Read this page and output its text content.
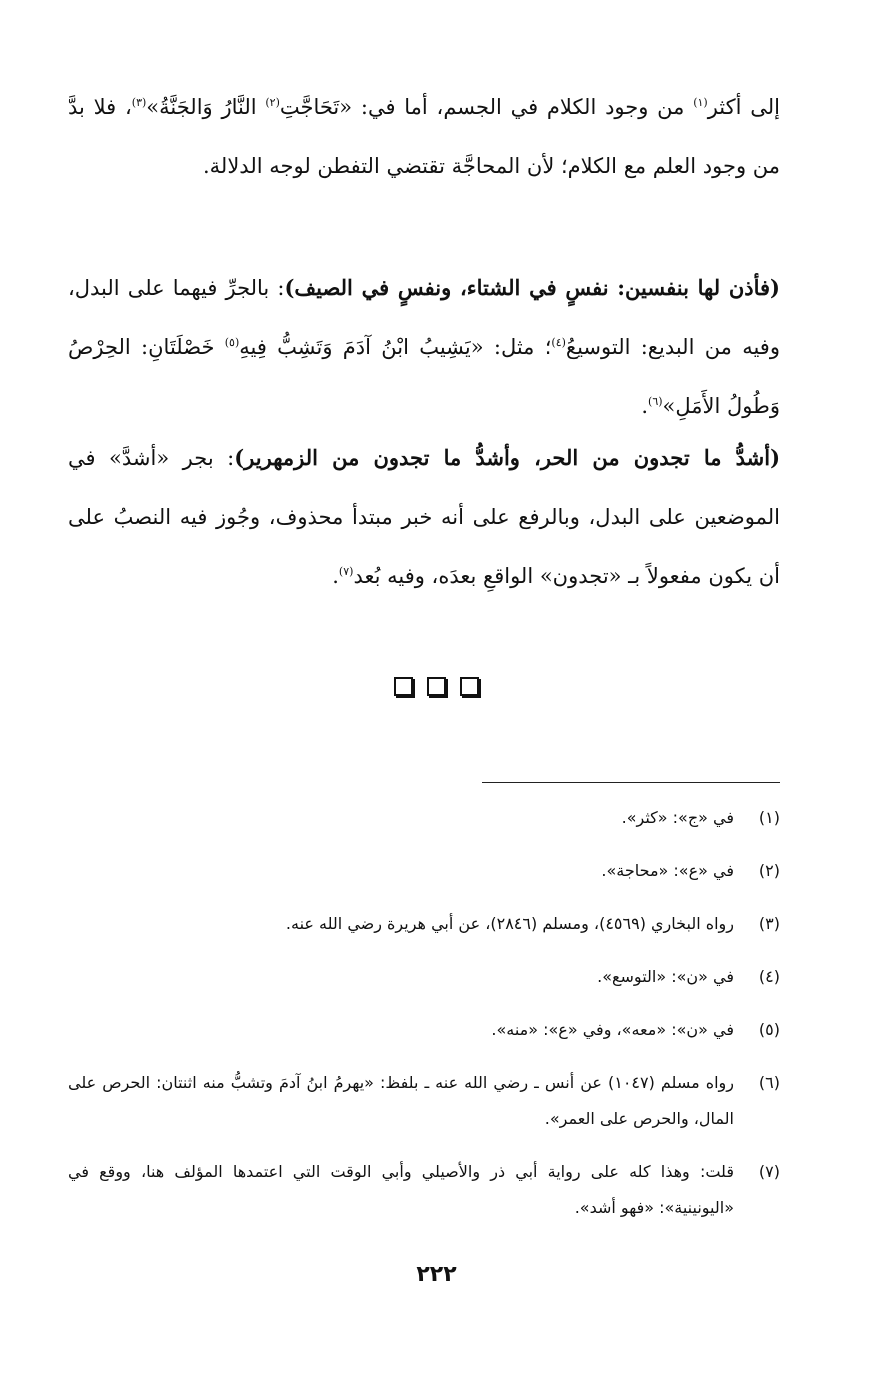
إلى أكثر$^{(١)}$ من وجود الكلام في الجسم، أما في: «تَحَاجَّتِ$^{(٢)}$ النَّارُ وَالجَنَّةُ»$^{(٣)}$، فلا بدَّ من وجود العلم مع الكلام؛ لأن المحاجَّة تقتضي التفطن لوجه الدلالة.

(فأذن لها بنفسين: نفسٍ في الشتاء، ونفسٍ في الصيف): بالجرِّ فيهما على البدل، وفيه من البديع: التوسيعُ$^{(٤)}$؛ مثل: «يَشِيبُ ابْنُ آدَمَ وَتَشِبُّ فِيهِ$^{(٥)}$ خَصْلَتَانِ: الحِرْصُ وَطُولُ الأَمَلِ»$^{(٦)}$.

(أشدُّ ما تجدون من الحر، وأشدُّ ما تجدون من الزمهرير): بجر «أشدَّ» في الموضعين على البدل، وبالرفع على أنه خبر مبتدأ محذوف، وجُوز فيه النصبُ على أن يكون مفعولاً بـ «تجدون» الواقعِ بعدَه، وفيه بُعد$^{(٧)}$.

(١)
في «ج»: «كثر».
(٢)
في «ع»: «محاجة».
(٣)
رواه البخاري (٤٥٦٩)، ومسلم (٢٨٤٦)، عن أبي هريرة رضي الله عنه.
(٤)
في «ن»: «التوسع».
(٥)
في «ن»: «معه»، وفي «ع»: «منه».
(٦)
رواه مسلم (١٠٤٧) عن أنس ـ رضي الله عنه ـ بلفظ: «يهرمُ ابنُ آدمَ وتشبُّ منه اثنتان: الحرص على المال، والحرص على العمر».
(٧)
قلت: وهذا كله على رواية أبي ذر والأصيلي وأبي الوقت التي اعتمدها المؤلف هنا، ووقع في «اليونينية»: «فهو أشد».
٢٢٢
